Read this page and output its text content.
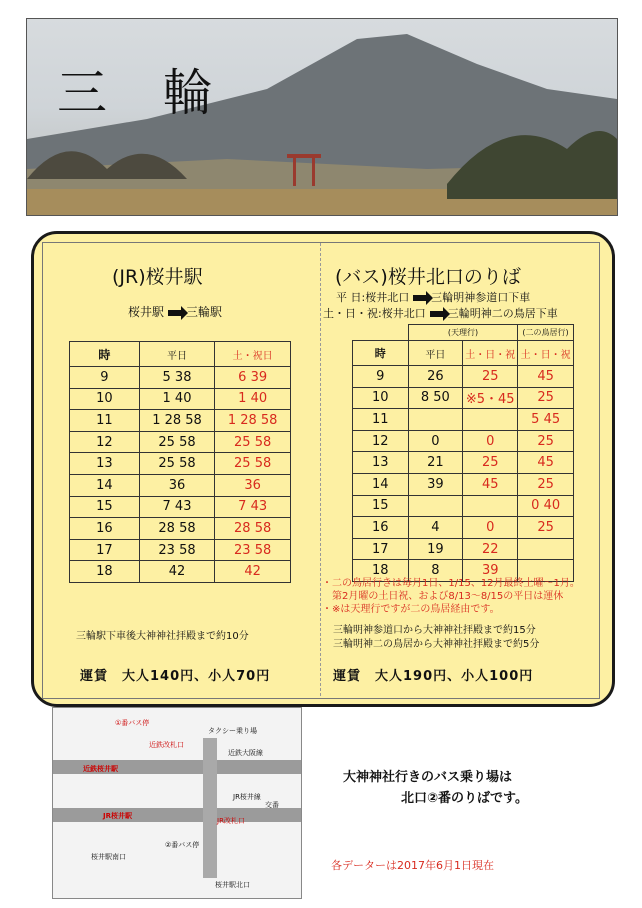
三 輪
(JR)桜井駅
桜井駅 三輪駅
時	平日	土・祝日
9	5 38	6 39
10	1 40	1 40
11	1 28 58	1 28 58
12	25 58	25 58
13	25 58	25 58
14	36	36
15	7 43	7 43
16	28 58	28 58
17	23 58	23 58
18	42	42
三輪駅下車後大神神社拝殿まで約10分
運賃　大人140円、小人70円
(バス)桜井北口のりば
平 日:桜井北口 三輪明神参道口下車
土・日・祝:桜井北口 三輪明神二の鳥居下車
(天理行)	(二の鳥居行)
時	平日	土・日・祝	土・日・祝
9	26	25	45
10	8 50	※5・45	25
11			5 45
12	0	0	25
13	21	25	45
14	39	45	25
15			0 40
16	4	0	25
17	19	22	
18	8	39	
・二の鳥居行きは毎月1日、1/15、12月最終土曜～1月。
第2月曜の土日祝、および8/13～8/15の平日は運休
・※は天理行ですが二の鳥居経由です。
三輪明神参道口から大神神社拝殿まで約15分
三輪明神二の鳥居から大神神社拝殿まで約5分
運賃　大人190円、小人100円
①番バス停
タクシー乗り場
近鉄改札口
近鉄大阪線
近鉄桜井駅
JR改札口
交番
JR桜井線
JR桜井駅
②番バス停
桜井駅北口
桜井駅南口
大神神社行きのバス乗り場は
北口②番のりばです。
各データーは2017年6月1日現在
